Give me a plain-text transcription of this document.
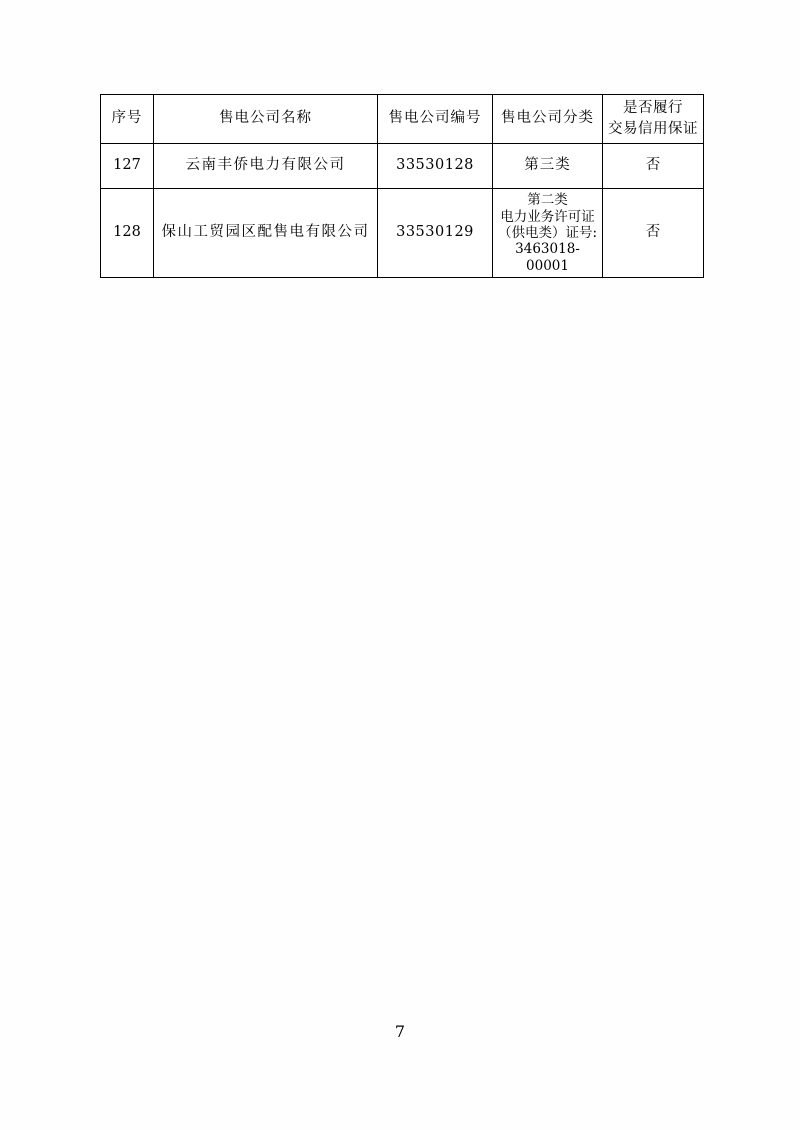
序号	售电公司名称	售电公司编号	售电公司分类	是否履行
交易信用保证
127	云南丰侨电力有限公司	33530128	第三类	否
128	保山工贸园区配售电有限公司	33530129	第二类
电力业务许可证
（供电类）证号:
3463018-00001	否
7
